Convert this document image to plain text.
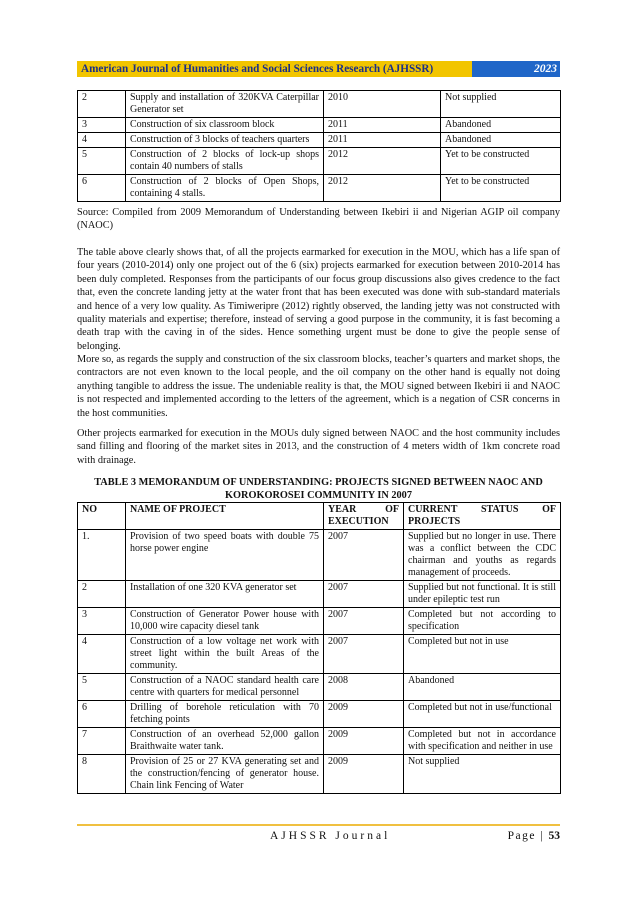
American Journal of Humanities and Social Sciences Research (AJHSSR)	2023
2	Supply and installation of 320KVA Caterpillar Generator set	2010	Not supplied
3	Construction of six classroom block	2011	Abandoned
4	Construction of 3 blocks of teachers quarters	2011	Abandoned
5	Construction of 2 blocks of lock-up shops contain 40 numbers of stalls	2012	Yet to be constructed
6	Construction of 2 blocks of Open Shops, containing 4 stalls.	2012	Yet to be constructed

Source: Compiled from 2009 Memorandum of Understanding between Ikebiri ii and Nigerian AGIP oil company (NAOC)

The table above clearly shows that, of all the projects earmarked for execution in the MOU, which has a life span of four years (2010-2014) only one project out of the 6 (six) projects earmarked for execution between 2010-2014 has been duly completed. Responses from the participants of our focus group discussions also gives credence to the fact that, even the concrete landing jetty at the water front that has been executed was done with sub-standard materials and hence of a very low quality. As Timiweripre (2012) rightly observed, the landing jetty was not constructed with quality materials and expertise; therefore, instead of serving a good purpose in the community, it is fast becoming a death trap with the caving in of the sides. Hence something urgent must be done to give the people sense of belonging.

More so, as regards the supply and construction of the six classroom blocks, teacher’s quarters and market shops, the contractors are not even known to the local people, and the oil company on the other hand is equally not doing anything tangible to address the issue. The undeniable reality is that, the MOU signed between Ikebiri ii and NAOC is not respected and implemented according to the letters of the agreement, which is a negation of CSR concerns in the host communities.

Other projects earmarked for execution in the MOUs duly signed between NAOC and the host community includes sand filling and flooring of the market sites in 2013, and the construction of 4 meters width of 1km concrete road with drainage.

TABLE 3 MEMORANDUM OF UNDERSTANDING: PROJECTS SIGNED BETWEEN NAOC AND KOROKOROSEI COMMUNITY IN 2007

NO	NAME OF PROJECT	YEAR OF EXECUTION	CURRENT STATUS OF PROJECTS
1.	Provision of two speed boats with double 75 horse power engine	2007	Supplied but no longer in use. There was a conflict between the CDC chairman and youths as regards management of proceeds.
2	Installation of one 320 KVA generator set	2007	Supplied but not functional. It is still under epileptic test run
3	Construction of Generator Power house with 10,000 wire capacity diesel tank	2007	Completed but not according to specification
4	Construction of a low voltage net work with street light within the built Areas of the community.	2007	Completed but not in use
5	Construction of a NAOC standard health care centre with quarters for medical personnel	2008	Abandoned
6	Drilling of borehole reticulation with 70 fetching points	2009	Completed but not in use/functional
7	Construction of an overhead 52,000 gallon Braithwaite water tank.	2009	Completed but not in accordance with specification and neither in use
8	Provision of 25 or 27 KVA generating set and the construction/fencing of generator house. Chain link Fencing of Water	2009	Not supplied
AJHSSR Journal	Page | 53
